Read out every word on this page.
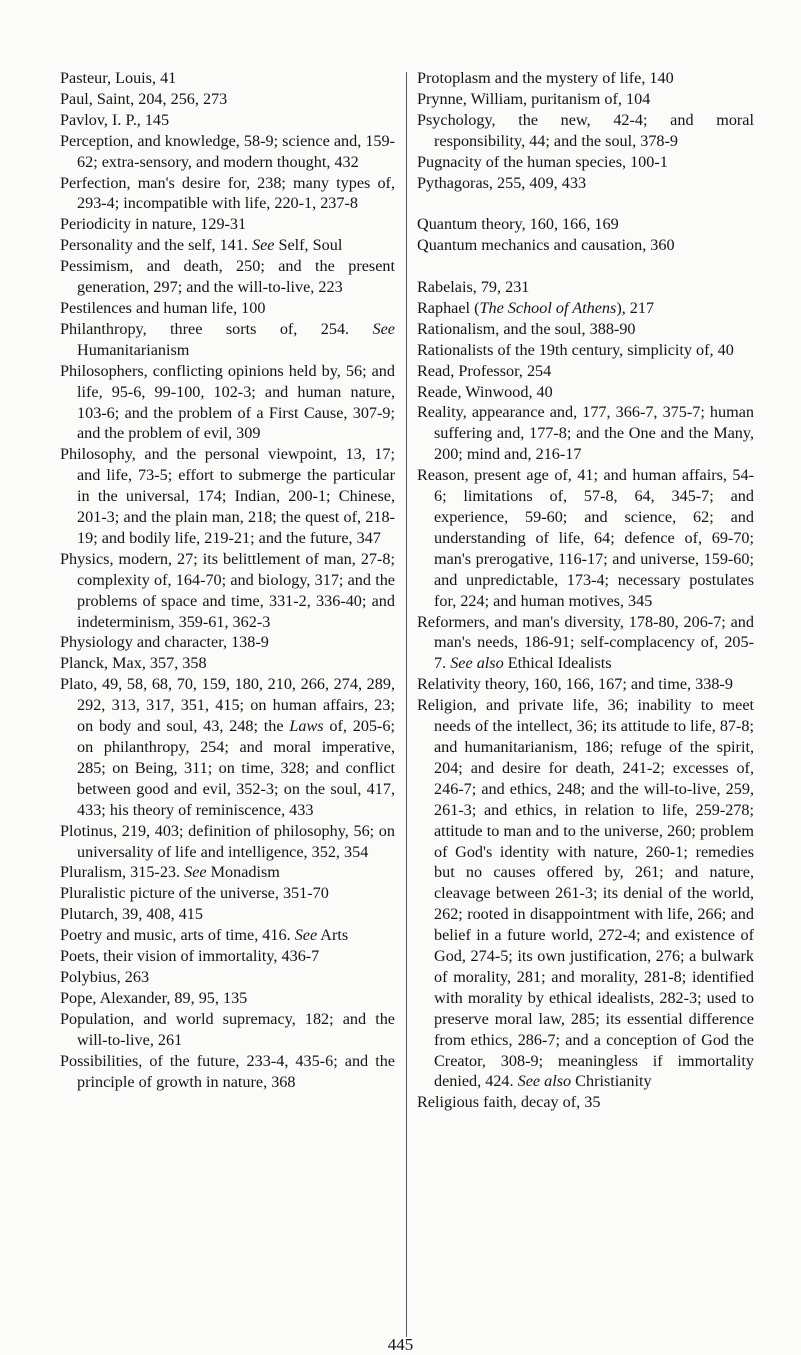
Pasteur, Louis, 41

Paul, Saint, 204, 256, 273

Pavlov, I. P., 145

Perception, and knowledge, 58-9; science and, 159-62; extra-sensory, and modern thought, 432

Perfection, man's desire for, 238; many types of, 293-4; incompatible with life, 220-1, 237-8

Periodicity in nature, 129-31

Personality and the self, 141. See Self, Soul

Pessimism, and death, 250; and the present generation, 297; and the will-to-live, 223

Pestilences and human life, 100

Philanthropy, three sorts of, 254. See Humanitarianism

Philosophers, conflicting opinions held by, 56; and life, 95-6, 99-100, 102-3; and human nature, 103-6; and the problem of a First Cause, 307-9; and the problem of evil, 309

Philosophy, and the personal viewpoint, 13, 17; and life, 73-5; effort to submerge the particular in the universal, 174; Indian, 200-1; Chinese, 201-3; and the plain man, 218; the quest of, 218-19; and bodily life, 219-21; and the future, 347

Physics, modern, 27; its belittlement of man, 27-8; complexity of, 164-70; and biology, 317; and the problems of space and time, 331-2, 336-40; and indeterminism, 359-61, 362-3

Physiology and character, 138-9

Planck, Max, 357, 358

Plato, 49, 58, 68, 70, 159, 180, 210, 266, 274, 289, 292, 313, 317, 351, 415; on human affairs, 23; on body and soul, 43, 248; the Laws of, 205-6; on philanthropy, 254; and moral imperative, 285; on Being, 311; on time, 328; and conflict between good and evil, 352-3; on the soul, 417, 433; his theory of reminiscence, 433

Plotinus, 219, 403; definition of philosophy, 56; on universality of life and intelligence, 352, 354

Pluralism, 315-23. See Monadism

Pluralistic picture of the universe, 351-70

Plutarch, 39, 408, 415

Poetry and music, arts of time, 416. See Arts

Poets, their vision of immortality, 436-7

Polybius, 263

Pope, Alexander, 89, 95, 135

Population, and world supremacy, 182; and the will-to-live, 261

Possibilities, of the future, 233-4, 435-6; and the principle of growth in nature, 368

Protoplasm and the mystery of life, 140

Prynne, William, puritanism of, 104

Psychology, the new, 42-4; and moral responsibility, 44; and the soul, 378-9

Pugnacity of the human species, 100-1

Pythagoras, 255, 409, 433

Quantum theory, 160, 166, 169

Quantum mechanics and causation, 360

Rabelais, 79, 231

Raphael (The School of Athens), 217

Rationalism, and the soul, 388-90

Rationalists of the 19th century, simplicity of, 40

Read, Professor, 254

Reade, Winwood, 40

Reality, appearance and, 177, 366-7, 375-7; human suffering and, 177-8; and the One and the Many, 200; mind and, 216-17

Reason, present age of, 41; and human affairs, 54-6; limitations of, 57-8, 64, 345-7; and experience, 59-60; and science, 62; and understanding of life, 64; defence of, 69-70; man's prerogative, 116-17; and universe, 159-60; and unpredictable, 173-4; necessary postulates for, 224; and human motives, 345

Reformers, and man's diversity, 178-80, 206-7; and man's needs, 186-91; self-complacency of, 205-7. See also Ethical Idealists

Relativity theory, 160, 166, 167; and time, 338-9

Religion, and private life, 36; inability to meet needs of the intellect, 36; its attitude to life, 87-8; and humanitarianism, 186; refuge of the spirit, 204; and desire for death, 241-2; excesses of, 246-7; and ethics, 248; and the will-to-live, 259, 261-3; and ethics, in relation to life, 259-278; attitude to man and to the universe, 260; problem of God's identity with nature, 260-1; remedies but no causes offered by, 261; and nature, cleavage between 261-3; its denial of the world, 262; rooted in disappointment with life, 266; and belief in a future world, 272-4; and existence of God, 274-5; its own justification, 276; a bulwark of morality, 281; and morality, 281-8; identified with morality by ethical idealists, 282-3; used to preserve moral law, 285; its essential difference from ethics, 286-7; and a conception of God the Creator, 308-9; meaningless if immortality denied, 424. See also Christianity

Religious faith, decay of, 35

445
